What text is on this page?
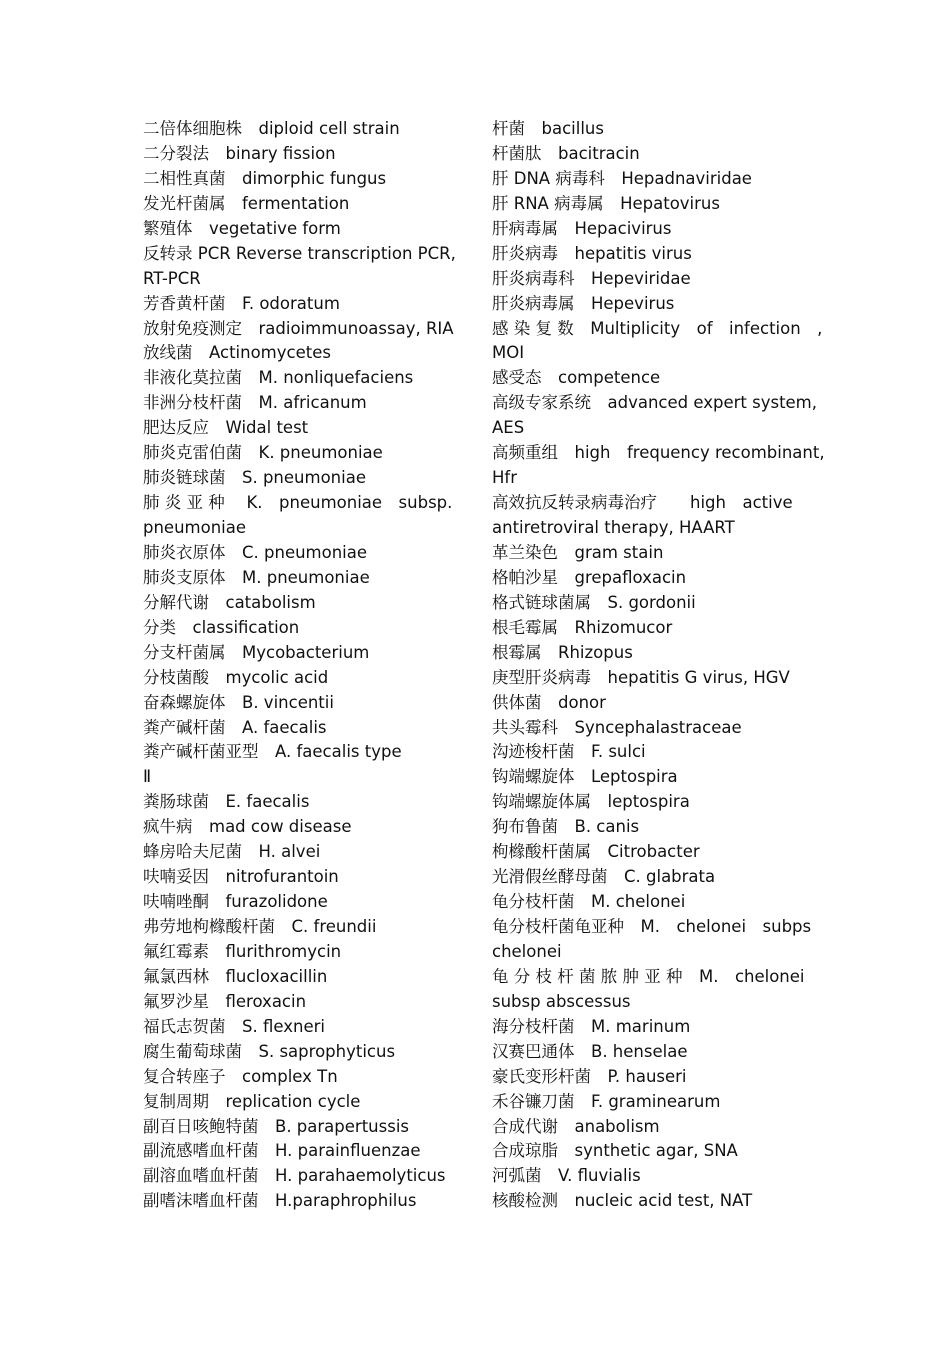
二倍体细胞株　diploid cell strain
二分裂法　binary fission
二相性真菌　dimorphic fungus
发光杆菌属　fermentation
繁殖体　vegetative form
反转录 PCR Reverse transcription PCR,
RT-PCR
芳香黄杆菌　F. odoratum
放射免疫测定　radioimmunoassay, RIA
放线菌　Actinomycetes
非液化莫拉菌　M. nonliquefaciens
非洲分枝杆菌　M. africanum
肥达反应　Widal test
肺炎克雷伯菌　K. pneumoniae
肺炎链球菌　S. pneumoniae
肺 炎 亚 种　 K.　pneumoniae　subsp.
pneumoniae
肺炎衣原体　C. pneumoniae
肺炎支原体　M. pneumoniae
分解代谢　catabolism
分类　classification
分支杆菌属　Mycobacterium
分枝菌酸　mycolic acid
奋森螺旋体　B. vincentii
粪产碱杆菌　A. faecalis
粪产碱杆菌亚型　A. faecalis type
Ⅱ
粪肠球菌　E. faecalis
疯牛病　mad cow disease
蜂房哈夫尼菌　H. alvei
呋喃妥因　nitrofurantoin
呋喃唑酮　furazolidone
弗劳地枸橼酸杆菌　C. freundii
氟红霉素　flurithromycin
氟氯西林　flucloxacillin
氟罗沙星　fleroxacin
福氏志贺菌　S. flexneri
腐生葡萄球菌　S. saprophyticus
复合转座子　complex Tn
复制周期　replication cycle
副百日咳鲍特菌　B. parapertussis
副流感嗜血杆菌　H. parainfluenzae
副溶血嗜血杆菌　H. parahaemolyticus
副嗜沫嗜血杆菌　H.paraphrophilus
杆菌　bacillus
杆菌肽　bacitracin
肝 DNA 病毒科　Hepadnaviridae
肝 RNA 病毒属　Hepatovirus
肝病毒属　Hepacivirus
肝炎病毒　hepatitis virus
肝炎病毒科　Hepeviridae
肝炎病毒属　Hepevirus
感 染 复 数　Multiplicity　of　infection　,
MOI
感受态　competence
高级专家系统　advanced expert system,
AES
高频重组　high　frequency recombinant,
Hfr
高效抗反转录病毒治疗　　high　active
antiretroviral therapy, HAART
革兰染色　gram stain
格帕沙星　grepafloxacin
格式链球菌属　S. gordonii
根毛霉属　Rhizomucor
根霉属　Rhizopus
庚型肝炎病毒　hepatitis G virus, HGV
供体菌　donor
共头霉科　Syncephalastraceae
沟迹梭杆菌　F. sulci
钩端螺旋体　Leptospira
钩端螺旋体属　leptospira
狗布鲁菌　B. canis
枸橼酸杆菌属　Citrobacter
光滑假丝酵母菌　C. glabrata
龟分枝杆菌　M. chelonei
龟分枝杆菌龟亚种　M.　chelonei　subps
chelonei
龟 分 枝 杆 菌 脓 肿 亚 种　M.　chelonei
subsp abscessus
海分枝杆菌　M. marinum
汉赛巴通体　B. henselae
豪氏变形杆菌　P. hauseri
禾谷镰刀菌　F. graminearum
合成代谢　anabolism
合成琼脂　synthetic agar, SNA
河弧菌　V. fluvialis
核酸检测　nucleic acid test, NAT
